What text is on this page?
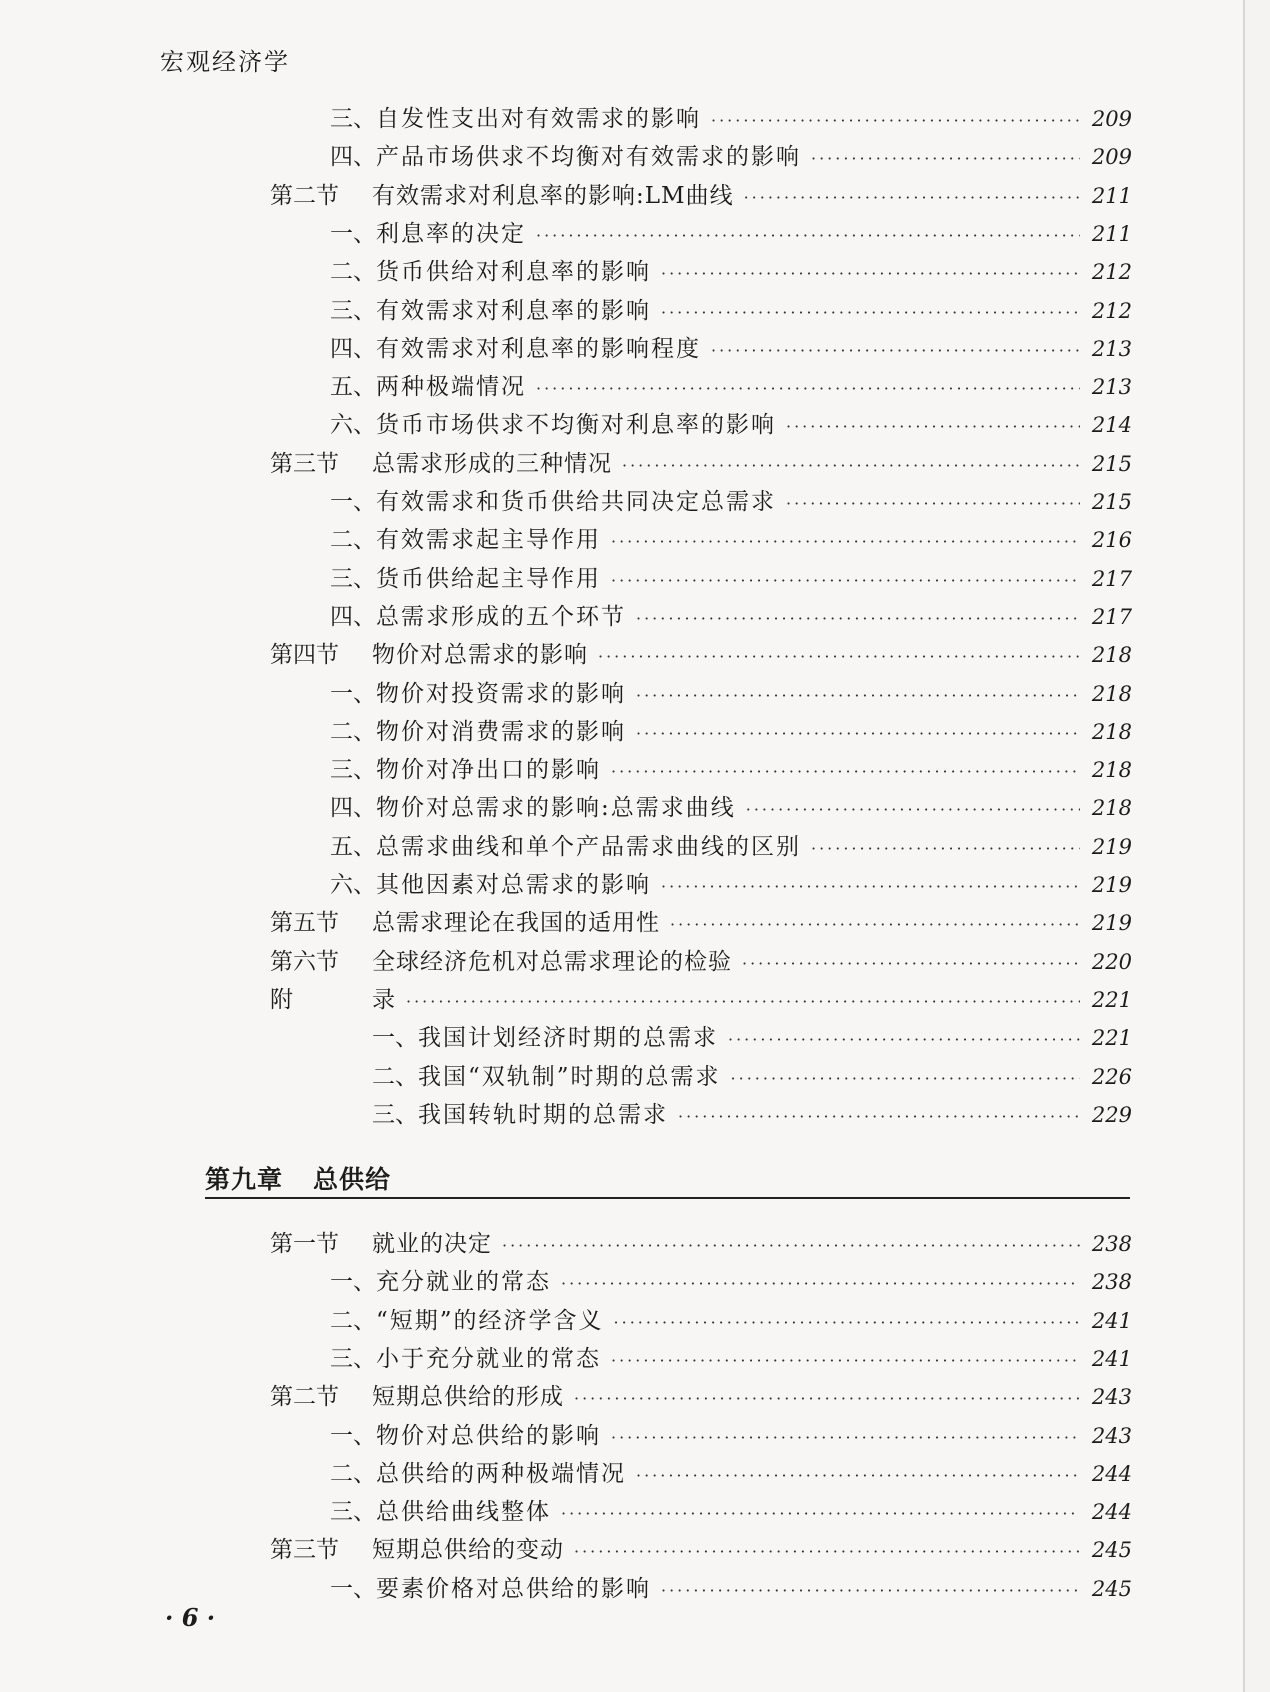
宏观经济学
三、 自发性支出对有效需求的影响 ·····	209
四、 产品市场供求不均衡对有效需求的影响 ·····	209
第二节	有效需求对利息率的影响:LM曲线 ·····	211
一、 利息率的决定 ·····	211
二、 货币供给对利息率的影响 ·····	212
三、 有效需求对利息率的影响 ·····	212
四、 有效需求对利息率的影响程度 ·····	213
五、 两种极端情况 ·····	213
六、 货币市场供求不均衡对利息率的影响 ·····	214
第三节	总需求形成的三种情况 ·····	215
一、 有效需求和货币供给共同决定总需求 ·····	215
二、 有效需求起主导作用 ·····	216
三、 货币供给起主导作用 ·····	217
四、 总需求形成的五个环节 ·····	217
第四节	物价对总需求的影响 ·····	218
一、 物价对投资需求的影响 ·····	218
二、 物价对消费需求的影响 ·····	218
三、 物价对净出口的影响 ·····	218
四、 物价对总需求的影响:总需求曲线 ·····	218
五、 总需求曲线和单个产品需求曲线的区别 ·····	219
六、 其他因素对总需求的影响 ·····	219
第五节	总需求理论在我国的适用性 ·····	219
第六节	全球经济危机对总需求理论的检验 ·····	220
附	录 ·····	221
一、 我国计划经济时期的总需求 ·····	221
二、 我国“双轨制”时期的总需求 ·····	226
三、 我国转轨时期的总需求 ·····	229
第九章 总供给
第一节	就业的决定 ·····	238
一、 充分就业的常态 ·····	238
二、 “短期”的经济学含义 ·····	241
三、 小于充分就业的常态 ·····	241
第二节	短期总供给的形成 ·····	243
一、 物价对总供给的影响 ·····	243
二、 总供给的两种极端情况 ·····	244
三、 总供给曲线整体 ·····	244
第三节	短期总供给的变动 ·····	245
一、 要素价格对总供给的影响 ·····	245
· 6 ·
